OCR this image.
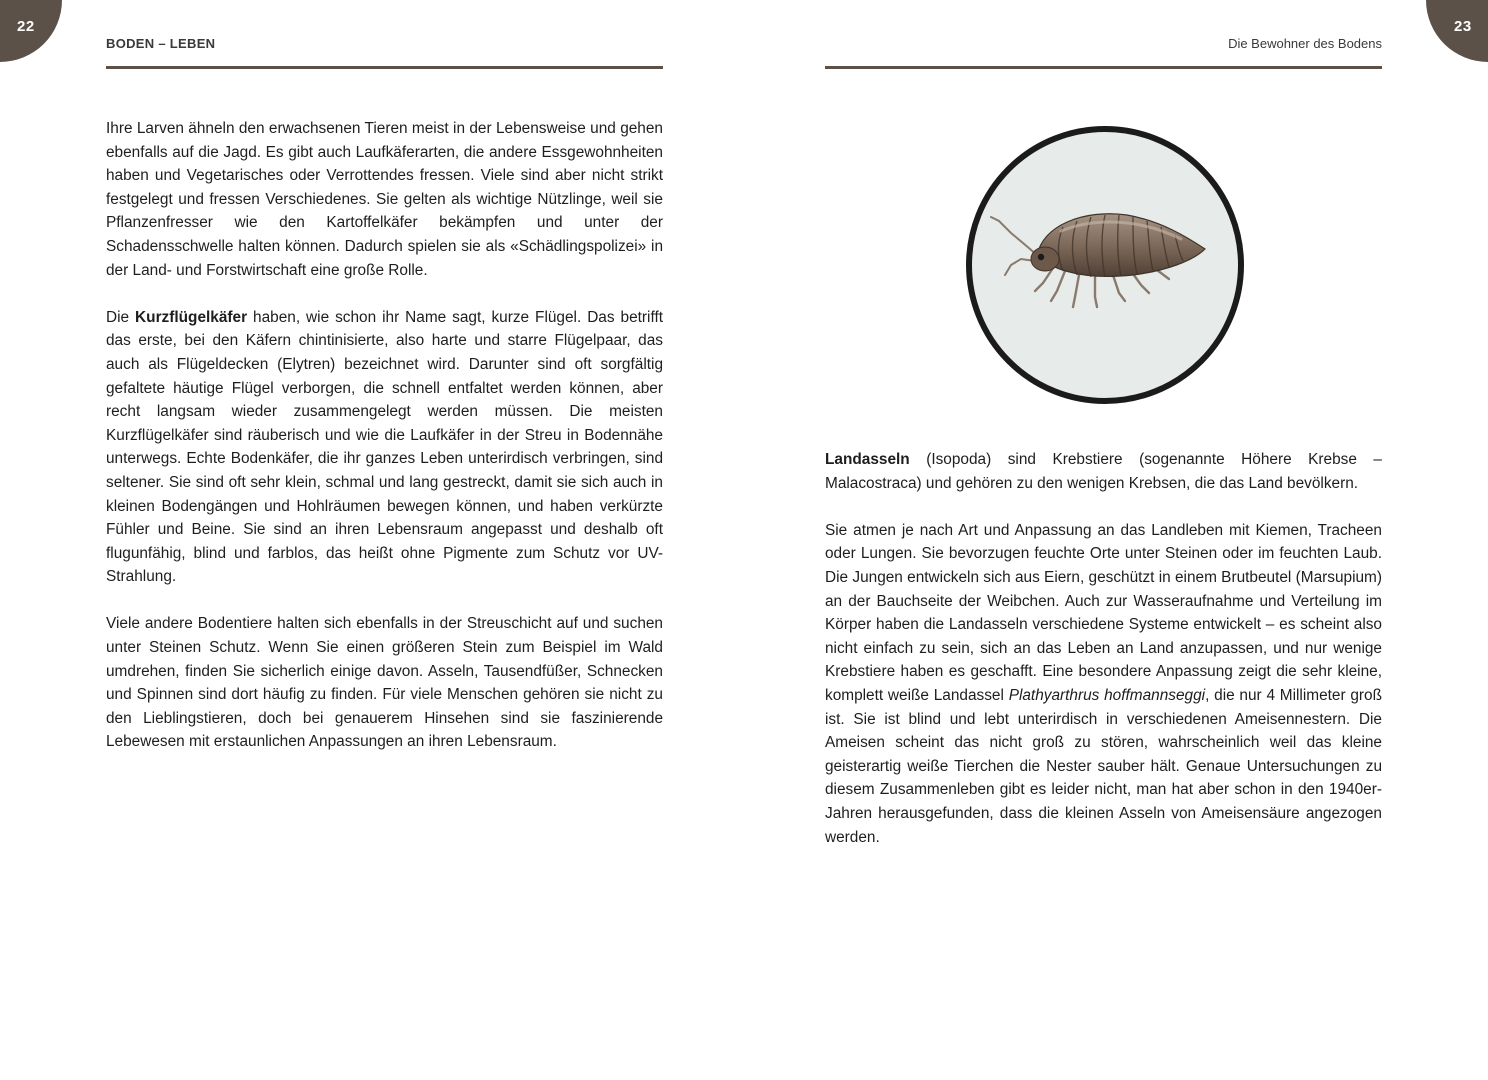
22
BODEN – LEBEN

Ihre Larven ähneln den erwachsenen Tieren meist in der Lebensweise und gehen ebenfalls auf die Jagd. Es gibt auch Laufkäferarten, die andere Essgewohnheiten haben und Vegetarisches oder Verrottendes fressen. Viele sind aber nicht strikt festgelegt und fressen Verschiedenes. Sie gelten als wichtige Nützlinge, weil sie Pflanzenfresser wie den Kartoffelkäfer bekämpfen und unter der Schadensschwelle halten können. Dadurch spielen sie als «Schädlingspolizei» in der Land- und Forstwirtschaft eine große Rolle.

Die Kurzflügelkäfer haben, wie schon ihr Name sagt, kurze Flügel. Das betrifft das erste, bei den Käfern chintinisierte, also harte und starre Flügelpaar, das auch als Flügeldecken (Elytren) bezeichnet wird. Darunter sind oft sorgfältig gefaltete häutige Flügel verborgen, die schnell entfaltet werden können, aber recht langsam wieder zusammengelegt werden müssen. Die meisten Kurzflügelkäfer sind räuberisch und wie die Laufkäfer in der Streu in Bodennähe unterwegs. Echte Bodenkäfer, die ihr ganzes Leben unterirdisch verbringen, sind seltener. Sie sind oft sehr klein, schmal und lang gestreckt, damit sie sich auch in kleinen Bodengängen und Hohlräumen bewegen können, und haben verkürzte Fühler und Beine. Sie sind an ihren Lebensraum angepasst und deshalb oft flugunfähig, blind und farblos, das heißt ohne Pigmente zum Schutz vor UV-Strahlung.

Viele andere Bodentiere halten sich ebenfalls in der Streuschicht auf und suchen unter Steinen Schutz. Wenn Sie einen größeren Stein zum Beispiel im Wald umdrehen, finden Sie sicherlich einige davon. Asseln, Tausendfüßer, Schnecken und Spinnen sind dort häufig zu finden. Für viele Menschen gehören sie nicht zu den Lieblingstieren, doch bei genauerem Hinsehen sind sie faszinierende Lebewesen mit erstaunlichen Anpassungen an ihren Lebensraum.

23
Die Bewohner des Bodens

Landasseln (Isopoda) sind Krebstiere (sogenannte Höhere Krebse – Malacostraca) und gehören zu den wenigen Krebsen, die das Land bevölkern.

Sie atmen je nach Art und Anpassung an das Landleben mit Kiemen, Tracheen oder Lungen. Sie bevorzugen feuchte Orte unter Steinen oder im feuchten Laub. Die Jungen entwickeln sich aus Eiern, geschützt in einem Brutbeutel (Marsupium) an der Bauchseite der Weibchen. Auch zur Wasseraufnahme und Verteilung im Körper haben die Landasseln verschiedene Systeme entwickelt – es scheint also nicht einfach zu sein, sich an das Leben an Land anzupassen, und nur wenige Krebstiere haben es geschafft. Eine besondere Anpassung zeigt die sehr kleine, komplett weiße Landassel Plathyarthrus hoffmannseggi, die nur 4 Millimeter groß ist. Sie ist blind und lebt unterirdisch in verschiedenen Ameisennestern. Die Ameisen scheint das nicht groß zu stören, wahrscheinlich weil das kleine geisterartig weiße Tierchen die Nester sauber hält. Genaue Untersuchungen zu diesem Zusammenleben gibt es leider nicht, man hat aber schon in den 1940er-Jahren herausgefunden, dass die kleinen Asseln von Ameisensäure angezogen werden.
